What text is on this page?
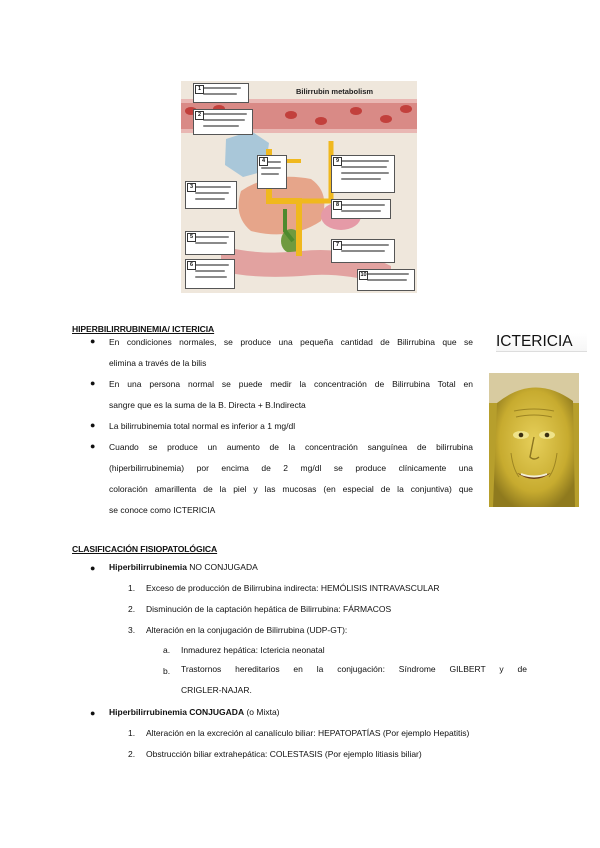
Bilirrubin metabolism
1
2
3
4
5
6
7
8
9
10
HIPERBILIRRUBINEMIA/ ICTERICIA
● En condiciones normales, se produce una pequeña cantidad de Bilirrubina que se
elimina a través de la bilis
● En una persona normal se puede medir la concentración de Bilirrubina Total en
sangre que es la suma de la B. Directa + B.Indirecta
● La bilirrubinemia total normal es inferior a 1 mg/dl
● Cuando se produce un aumento de la concentración sanguínea de bilirrubina
(hiperbilirrubinemia) por encima de 2 mg/dl se produce clínicamente una
coloración amarillenta de la piel y las mucosas (en especial de la conjuntiva) que
se conoce como ICTERICIA
ICTERICIA
CLASIFICACIÓN FISIOPATOLÓGICA
● Hiperbilirrubinemia NO CONJUGADA
1. Exceso de producción de Bilirrubina indirecta: HEMÓLISIS INTRAVASCULAR
2. Disminución de la captación hepática de Bilirrubina: FÁRMACOS
3. Alteración en la conjugación de Bilirrubina (UDP-GT):
a. Inmadurez hepática: Ictericia neonatal
b. Trastornos hereditarios en la conjugación: Síndrome GILBERT y de
CRIGLER-NAJAR.
● Hiperbilirrubinemia CONJUGADA (o Mixta)
1. Alteración en la excreción al canalículo biliar: HEPATOPATÍAS (Por ejemplo Hepatitis)
2. Obstrucción biliar extrahepática: COLESTASIS (Por ejemplo litiasis biliar)
